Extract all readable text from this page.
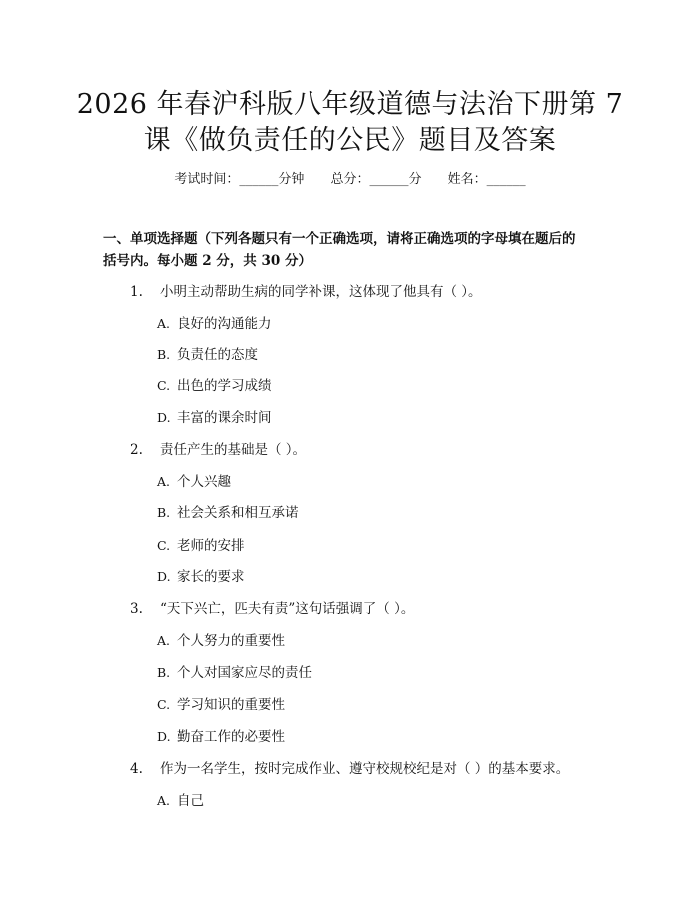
2026 年春沪科版八年级道德与法治下册第 7
课《做负责任的公民》题目及答案
考试时间：______分钟 总分：______分 姓名：______

一、单项选择题（下列各题只有一个正确选项，请将正确选项的字母填在题后的

括号内。每小题 2 分，共 30 分）

1. 小明主动帮助生病的同学补课，这体现了他具有（ ）。
A. 良好的沟通能力
B. 负责任的态度
C. 出色的学习成绩
D. 丰富的课余时间
2. 责任产生的基础是（ ）。
A. 个人兴趣
B. 社会关系和相互承诺
C. 老师的安排
D. 家长的要求
3. “天下兴亡，匹夫有责”这句话强调了（ ）。
A. 个人努力的重要性
B. 个人对国家应尽的责任
C. 学习知识的重要性
D. 勤奋工作的必要性
4. 作为一名学生，按时完成作业、遵守校规校纪是对（ ）的基本要求。
A. 自己
